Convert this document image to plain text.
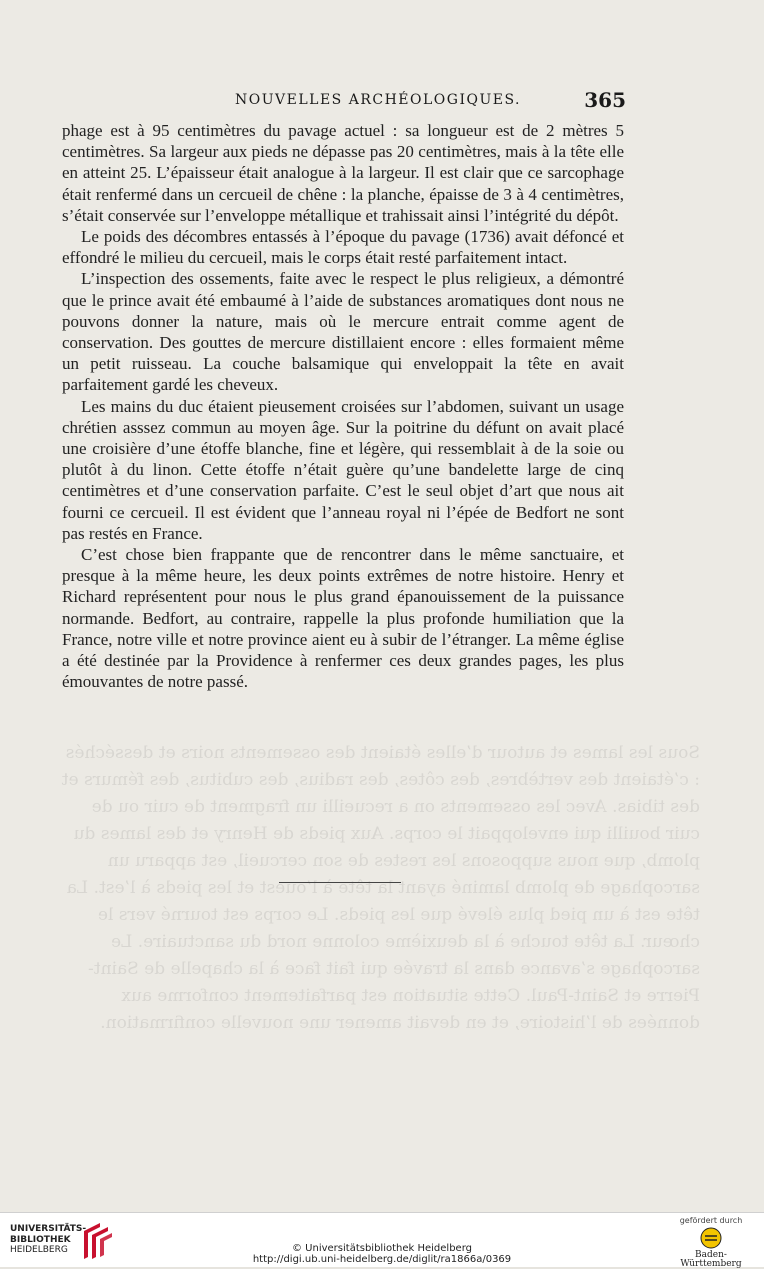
Sous les lames et autour d’elles étaient des ossements noirs et desséchés : c’étaient des vertèbres, des côtes, des radius, des cubitus, des fémurs et des tibias. Avec les ossements on a recueilli un fragment de cuir ou de cuir bouilli qui enveloppait le corps. Aux pieds de Henry et des lames du plomb, que nous supposons les restes de son cercueil, est apparu un sarcophage de plomb laminé ayant la tête à l’ouest et les pieds à l’est. La tête est à un pied plus élevé que les pieds. Le corps est tourné vers le chœur. La tête touche à la deuxième colonne nord du sanctuaire. Le sarcophage s’avance dans la travée qui fait face à la chapelle de Saint-Pierre et Saint-Paul. Cette situation est parfaitement conforme aux données de l’histoire, et en devait amener une nouvelle confirmation.
NOUVELLES ARCHÉOLOGIQUES.	365

phage est à 95 centimètres du pavage actuel : sa longueur est de 2 mètres 5 centimètres. Sa largeur aux pieds ne dépasse pas 20 centimètres, mais à la tête elle en atteint 25. L’épaisseur était analogue à la largeur. Il est clair que ce sarcophage était renfermé dans un cercueil de chêne : la planche, épaisse de 3 à 4 centimètres, s’était conservée sur l’enveloppe métallique et trahissait ainsi l’intégrité du dépôt.

Le poids des décombres entassés à l’époque du pavage (1736) avait défoncé et effondré le milieu du cercueil, mais le corps était resté parfaitement intact.

L’inspection des ossements, faite avec le respect le plus religieux, a démontré que le prince avait été embaumé à l’aide de substances aromatiques dont nous ne pouvons donner la nature, mais où le mercure entrait comme agent de conservation. Des gouttes de mercure distillaient encore : elles formaient même un petit ruisseau. La couche balsamique qui enveloppait la tête en avait parfaitement gardé les cheveux.

Les mains du duc étaient pieusement croisées sur l’abdomen, suivant un usage chrétien asssez commun au moyen âge. Sur la poitrine du défunt on avait placé une croisière d’une étoffe blanche, fine et légère, qui ressemblait à de la soie ou plutôt à du linon. Cette étoffe n’était guère qu’une bandelette large de cinq centimètres et d’une conservation parfaite. C’est le seul objet d’art que nous ait fourni ce cercueil. Il est évident que l’anneau royal ni l’épée de Bedfort ne sont pas restés en France.

C’est chose bien frappante que de rencontrer dans le même sanctuaire, et presque à la même heure, les deux points extrêmes de notre histoire. Henry et Richard représentent pour nous le plus grand épanouissement de la puissance normande. Bedfort, au contraire, rappelle la plus profonde humiliation que la France, notre ville et notre province aient eu à subir de l’étranger. La même église a été destinée par la Providence à renfermer ces deux grandes pages, les plus émouvantes de notre passé.

UNIVERSITÄTS-
BIBLIOTHEK
HEIDELBERG	© Universitätsbibliothek Heidelberg
http://digi.ub.uni-heidelberg.de/diglit/ra1866a/0369
gefördert durch
Baden-Württemberg
